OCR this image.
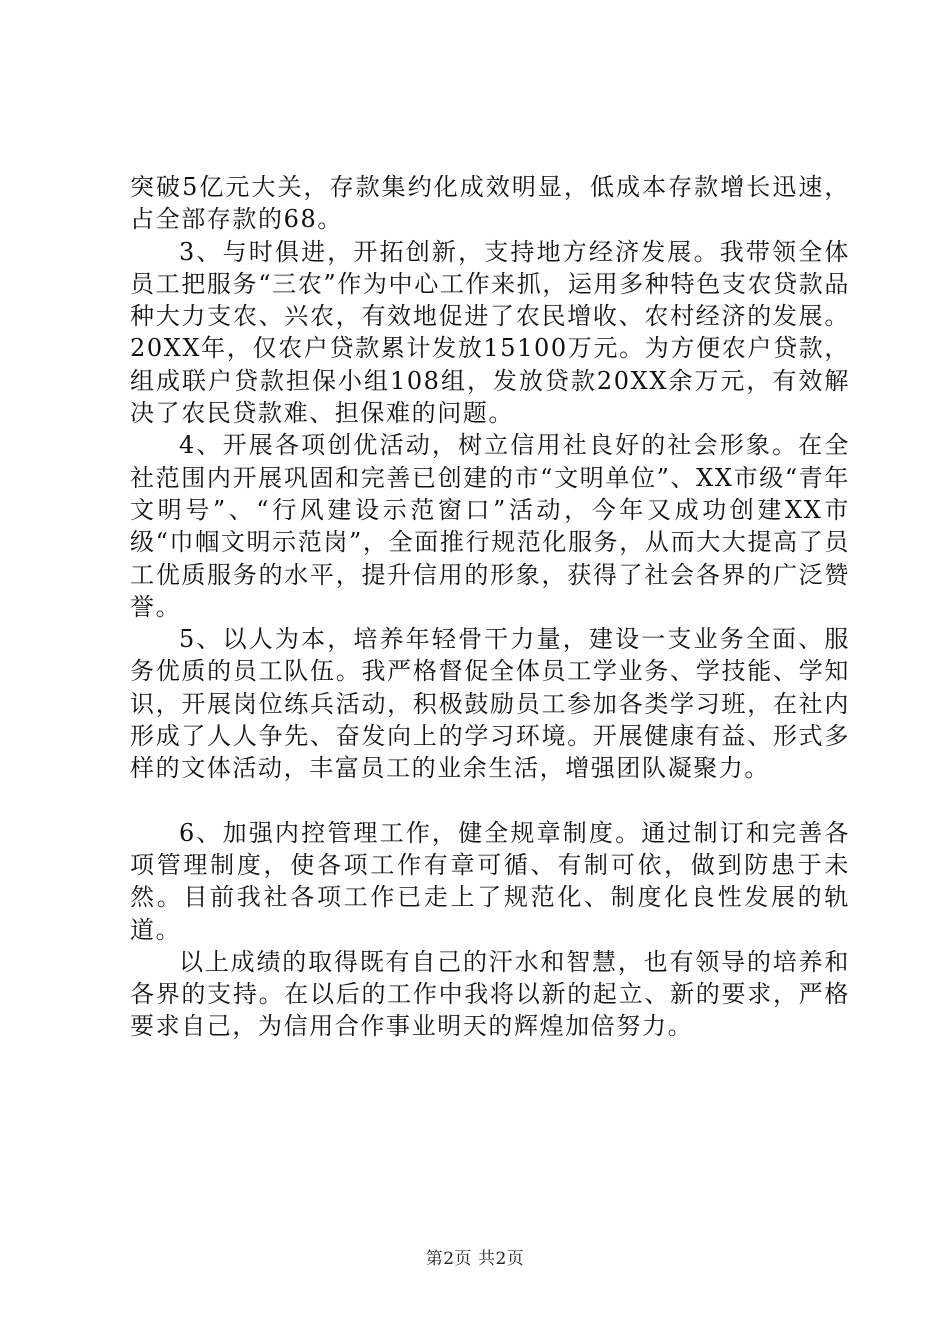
突破5亿元大关，存款集约化成效明显，低成本存款增长迅速，占全部存款的68。

3、与时俱进，开拓创新，支持地方经济发展。我带领全体员工把服务“三农”作为中心工作来抓，运用多种特色支农贷款品种大力支农、兴农，有效地促进了农民增收、农村经济的发展。20XX年，仅农户贷款累计发放15100万元。为方便农户贷款，组成联户贷款担保小组108组，发放贷款20XX余万元，有效解决了农民贷款难、担保难的问题。

4、开展各项创优活动，树立信用社良好的社会形象。在全社范围内开展巩固和完善已创建的市“文明单位”、XX市级“青年文明号”、“行风建设示范窗口”活动，今年又成功创建XX市级“巾帼文明示范岗”，全面推行规范化服务，从而大大提高了员工优质服务的水平，提升信用的形象，获得了社会各界的广泛赞誉。

5、以人为本，培养年轻骨干力量，建设一支业务全面、服务优质的员工队伍。我严格督促全体员工学业务、学技能、学知识，开展岗位练兵活动，积极鼓励员工参加各类学习班，在社内形成了人人争先、奋发向上的学习环境。开展健康有益、形式多样的文体活动，丰富员工的业余生活，增强团队凝聚力。

6、加强内控管理工作，健全规章制度。通过制订和完善各项管理制度，使各项工作有章可循、有制可依，做到防患于未然。目前我社各项工作已走上了规范化、制度化良性发展的轨道。

以上成绩的取得既有自己的汗水和智慧，也有领导的培养和各界的支持。在以后的工作中我将以新的起立、新的要求，严格要求自己，为信用合作事业明天的辉煌加倍努力。

第2页 共2页
